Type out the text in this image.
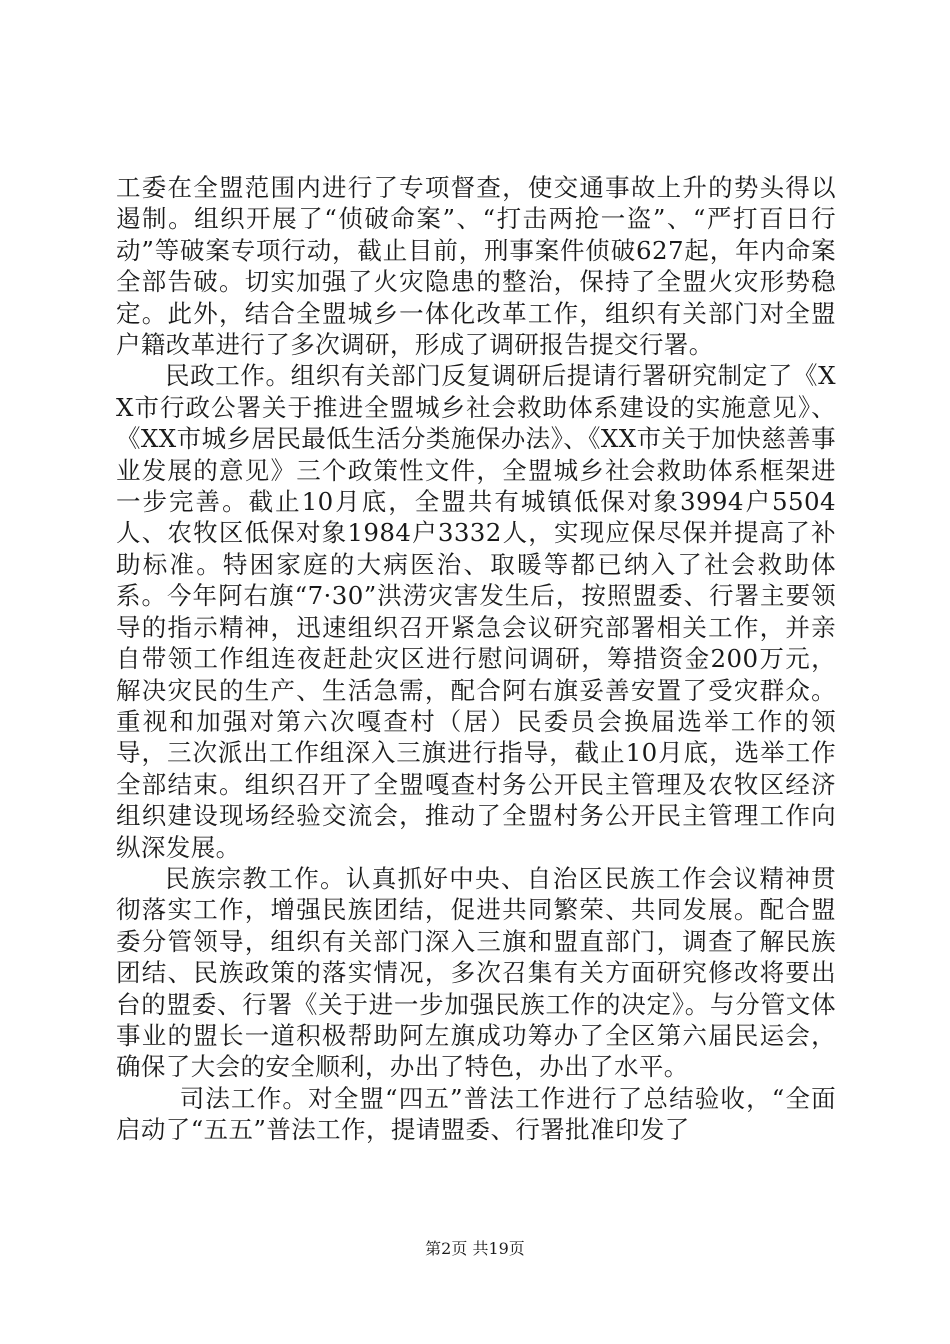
工委在全盟范围内进行了专项督查，使交通事故上升的势头得以遏制。组织开展了“侦破命案”、“打击两抢一盗”、“严打百日行动”等破案专项行动，截止目前，刑事案件侦破627起，年内命案全部告破。切实加强了火灾隐患的整治，保持了全盟火灾形势稳定。此外，结合全盟城乡一体化改革工作，组织有关部门对全盟户籍改革进行了多次调研，形成了调研报告提交行署。

民政工作。组织有关部门反复调研后提请行署研究制定了《XX市行政公署关于推进全盟城乡社会救助体系建设的实施意见》、《XX市城乡居民最低生活分类施保办法》、《XX市关于加快慈善事业发展的意见》三个政策性文件，全盟城乡社会救助体系框架进一步完善。截止10月底，全盟共有城镇低保对象3994户5504人、农牧区低保对象1984户3332人，实现应保尽保并提高了补助标准。特困家庭的大病医治、取暖等都已纳入了社会救助体系。今年阿右旗“7·30”洪涝灾害发生后，按照盟委、行署主要领导的指示精神，迅速组织召开紧急会议研究部署相关工作，并亲自带领工作组连夜赶赴灾区进行慰问调研，筹措资金200万元，解决灾民的生产、生活急需，配合阿右旗妥善安置了受灾群众。重视和加强对第六次嘎查村（居）民委员会换届选举工作的领导，三次派出工作组深入三旗进行指导，截止10月底，选举工作全部结束。组织召开了全盟嘎查村务公开民主管理及农牧区经济组织建设现场经验交流会，推动了全盟村务公开民主管理工作向纵深发展。

民族宗教工作。认真抓好中央、自治区民族工作会议精神贯彻落实工作，增强民族团结，促进共同繁荣、共同发展。配合盟委分管领导，组织有关部门深入三旗和盟直部门，调查了解民族团结、民族政策的落实情况，多次召集有关方面研究修改将要出台的盟委、行署《关于进一步加强民族工作的决定》。与分管文体事业的盟长一道积极帮助阿左旗成功筹办了全区第六届民运会，确保了大会的安全顺利，办出了特色，办出了水平。

司法工作。对全盟“四五”普法工作进行了总结验收，“全面启动了“五五”普法工作，提请盟委、行署批准印发了

第2页 共19页
